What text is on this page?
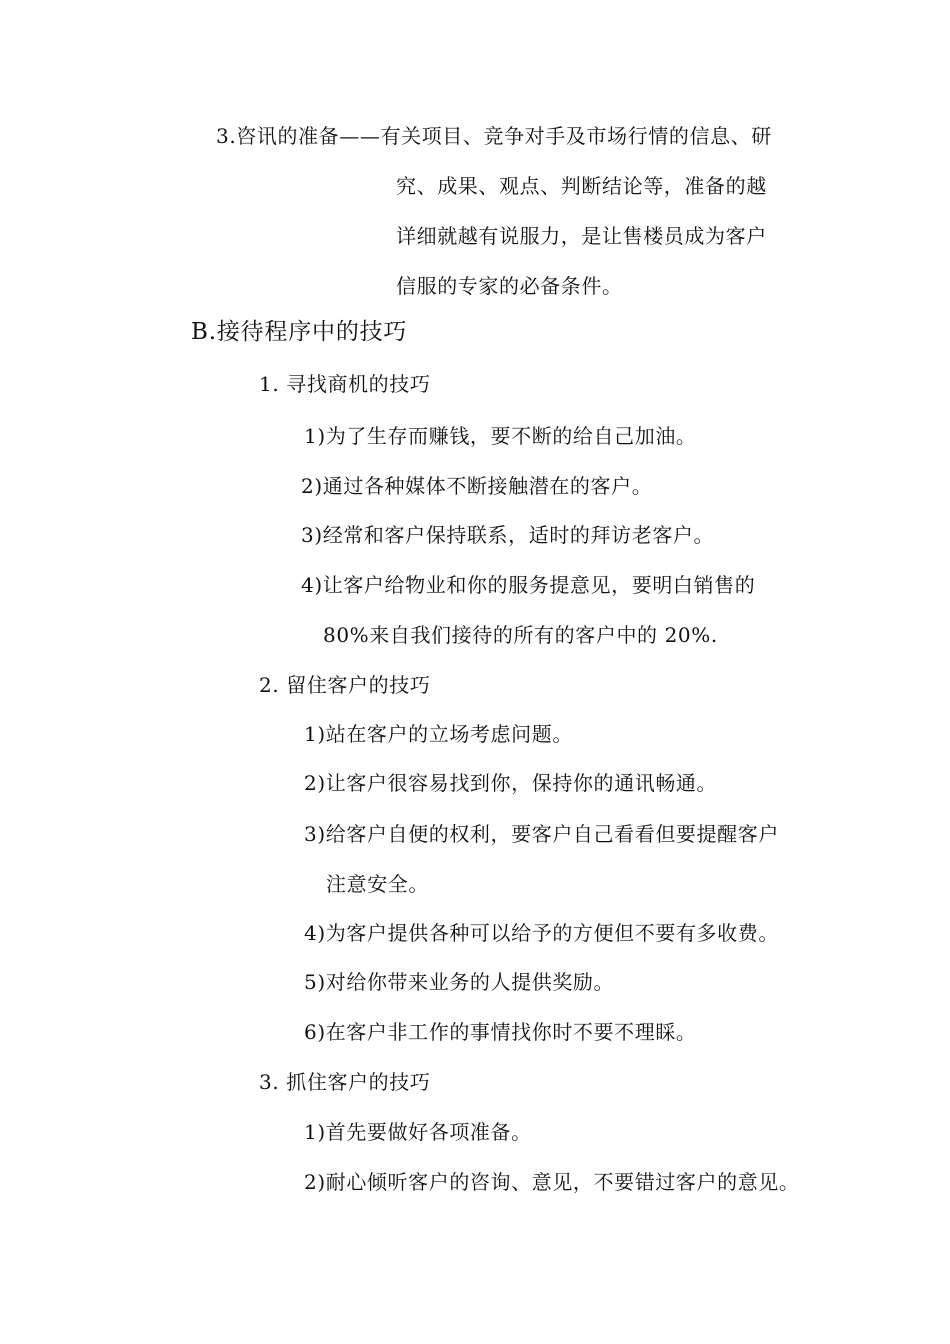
3.咨讯的准备——有关项目、竞争对手及市场行情的信息、研
究、成果、观点、判断结论等，准备的越
详细就越有说服力，是让售楼员成为客户
信服的专家的必备条件。
B.接待程序中的技巧
1. 寻找商机的技巧
1)为了生存而赚钱，要不断的给自己加油。
2)通过各种媒体不断接触潜在的客户。
3)经常和客户保持联系，适时的拜访老客户。
4)让客户给物业和你的服务提意见，要明白销售的
80%来自我们接待的所有的客户中的 20%.
2. 留住客户的技巧
1)站在客户的立场考虑问题。
2)让客户很容易找到你，保持你的通讯畅通。
3)给客户自便的权利，要客户自己看看但要提醒客户
注意安全。
4)为客户提供各种可以给予的方便但不要有多收费。
5)对给你带来业务的人提供奖励。
6)在客户非工作的事情找你时不要不理睬。
3. 抓住客户的技巧
1)首先要做好各项准备。
2)耐心倾听客户的咨询、意见，不要错过客户的意见。
